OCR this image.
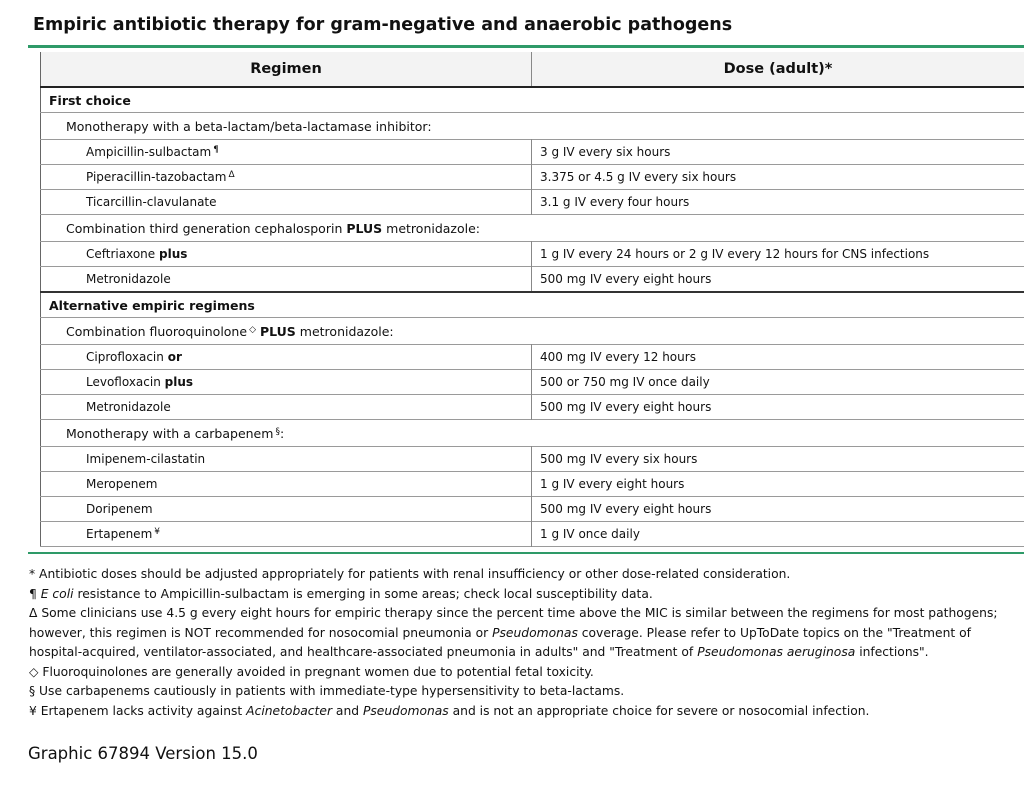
Empiric antibiotic therapy for gram-negative and anaerobic pathogens
Regimen	Dose (adult)*
First choice	
Monotherapy with a beta-lactam/beta-lactamase inhibitor:	
Ampicillin-sulbactam ¶	3 g IV every six hours
Piperacillin-tazobactam $^\Delta$	3.375 or 4.5 g IV every six hours
Ticarcillin-clavulanate	3.1 g IV every four hours
Combination third generation cephalosporin PLUS metronidazole:	
Ceftriaxone plus	1 g IV every 24 hours or 2 g IV every 12 hours for CNS infections
Metronidazole	500 mg IV every eight hours
Alternative empiric regimens	
Combination fluoroquinolone ◇ PLUS metronidazole:	
Ciprofloxacin or	400 mg IV every 12 hours
Levofloxacin plus	500 or 750 mg IV once daily
Metronidazole	500 mg IV every eight hours
Monotherapy with a carbapenem §:	
Imipenem-cilastatin	500 mg IV every six hours
Meropenem	1 g IV every eight hours
Doripenem	500 mg IV every eight hours
Ertapenem ¥	1 g IV once daily

* Antibiotic doses should be adjusted appropriately for patients with renal insufficiency or other dose-related consideration.

¶ E coli resistance to Ampicillin-sulbactam is emerging in some areas; check local susceptibility data.

Δ Some clinicians use 4.5 g every eight hours for empiric therapy since the percent time above the MIC is similar between the regimens for most pathogens; however, this regimen is NOT recommended for nosocomial pneumonia or Pseudomonas coverage. Please refer to UpToDate topics on the "Treatment of hospital-acquired, ventilator-associated, and healthcare-associated pneumonia in adults" and "Treatment of Pseudomonas aeruginosa infections".

◇ Fluoroquinolones are generally avoided in pregnant women due to potential fetal toxicity.

§ Use carbapenems cautiously in patients with immediate-type hypersensitivity to beta-lactams.

¥ Ertapenem lacks activity against Acinetobacter and Pseudomonas and is not an appropriate choice for severe or nosocomial infection.

Graphic 67894 Version 15.0
